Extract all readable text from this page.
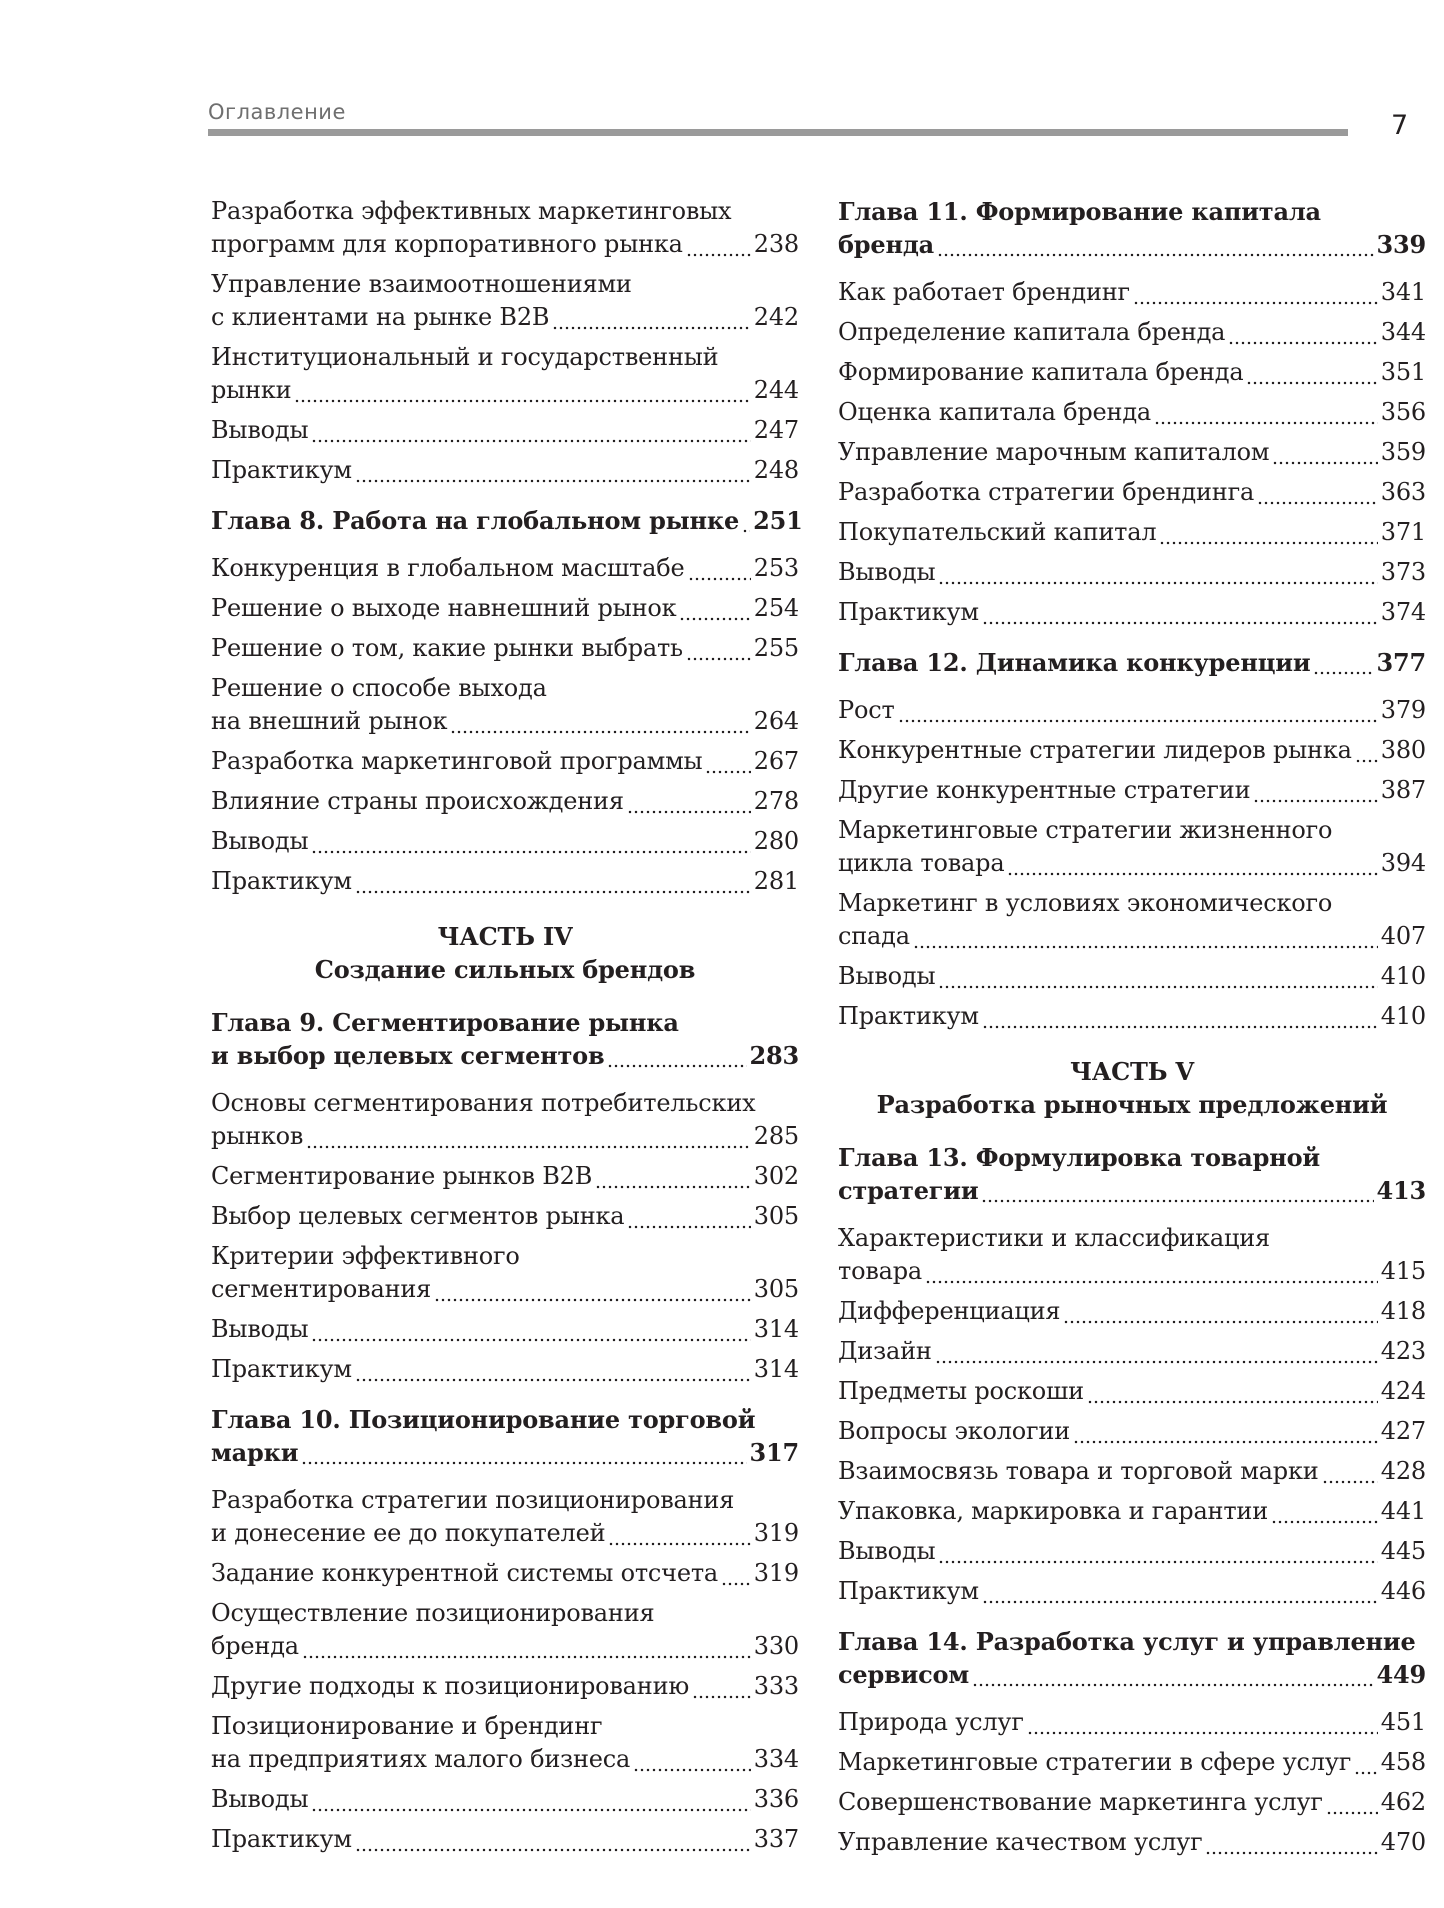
Оглавление	7
Разработка эффективных маркетинговых
программ для корпоративного рынка	238
Управление взаимоотношениями
с клиентами на рынке B2B	242
Институциональный и государственный
рынки	244
Выводы	247
Практикум	248
Глава 8. Работа на глобальном рынке 251
Конкуренция в глобальном масштабе	253
Решение о выходе навнешний рынок	254
Решение о том, какие рынки выбрать	255
Решение о способе выхода
на внешний рынок	264
Разработка маркетинговой программы 267
Влияние страны происхождения	278
Выводы	280
Практикум	281
ЧАСТЬ IV
Создание сильных брендов
Глава 9. Сегментирование рынка
и выбор целевых сегментов	283
Основы сегментирования потребительских
рынков	285
Сегментирование рынков B2B	302
Выбор целевых сегментов рынка	305
Критерии эффективного
сегментирования	305
Выводы	314
Практикум	314
Глава 10. Позиционирование торговой
марки	317
Разработка стратегии позиционирования
и донесение ее до покупателей	319
Задание конкурентной системы отсчета 319
Осуществление позиционирования
бренда	330
Другие подходы к позиционированию	333
Позиционирование и брендинг
на предприятиях малого бизнеса	334
Выводы	336
Практикум	337
Глава 11. Формирование капитала
бренда	339
Как работает брендинг	341
Определение капитала бренда	344
Формирование капитала бренда	351
Оценка капитала бренда	356
Управление марочным капиталом	359
Разработка стратегии брендинга	363
Покупательский капитал	371
Выводы	373
Практикум	374
Глава 12. Динамика конкуренции	377
Рост	379
Конкурентные стратегии лидеров рынка 380
Другие конкурентные стратегии	387
Маркетинговые стратегии жизненного
цикла товара	394
Маркетинг в условиях экономического
спада	407
Выводы	410
Практикум	410
ЧАСТЬ V
Разработка рыночных предложений
Глава 13. Формулировка товарной
стратегии	413
Характеристики и классификация
товара	415
Дифференциация	418
Дизайн	423
Предметы роскоши	424
Вопросы экологии	427
Взаимосвязь товара и торговой марки	428
Упаковка, маркировка и гарантии	441
Выводы	445
Практикум	446
Глава 14. Разработка услуг и управление
сервисом	449
Природа услуг	451
Маркетинговые стратегии в сфере услуг 458
Совершенствование маркетинга услуг 462
Управление качеством услуг	470
